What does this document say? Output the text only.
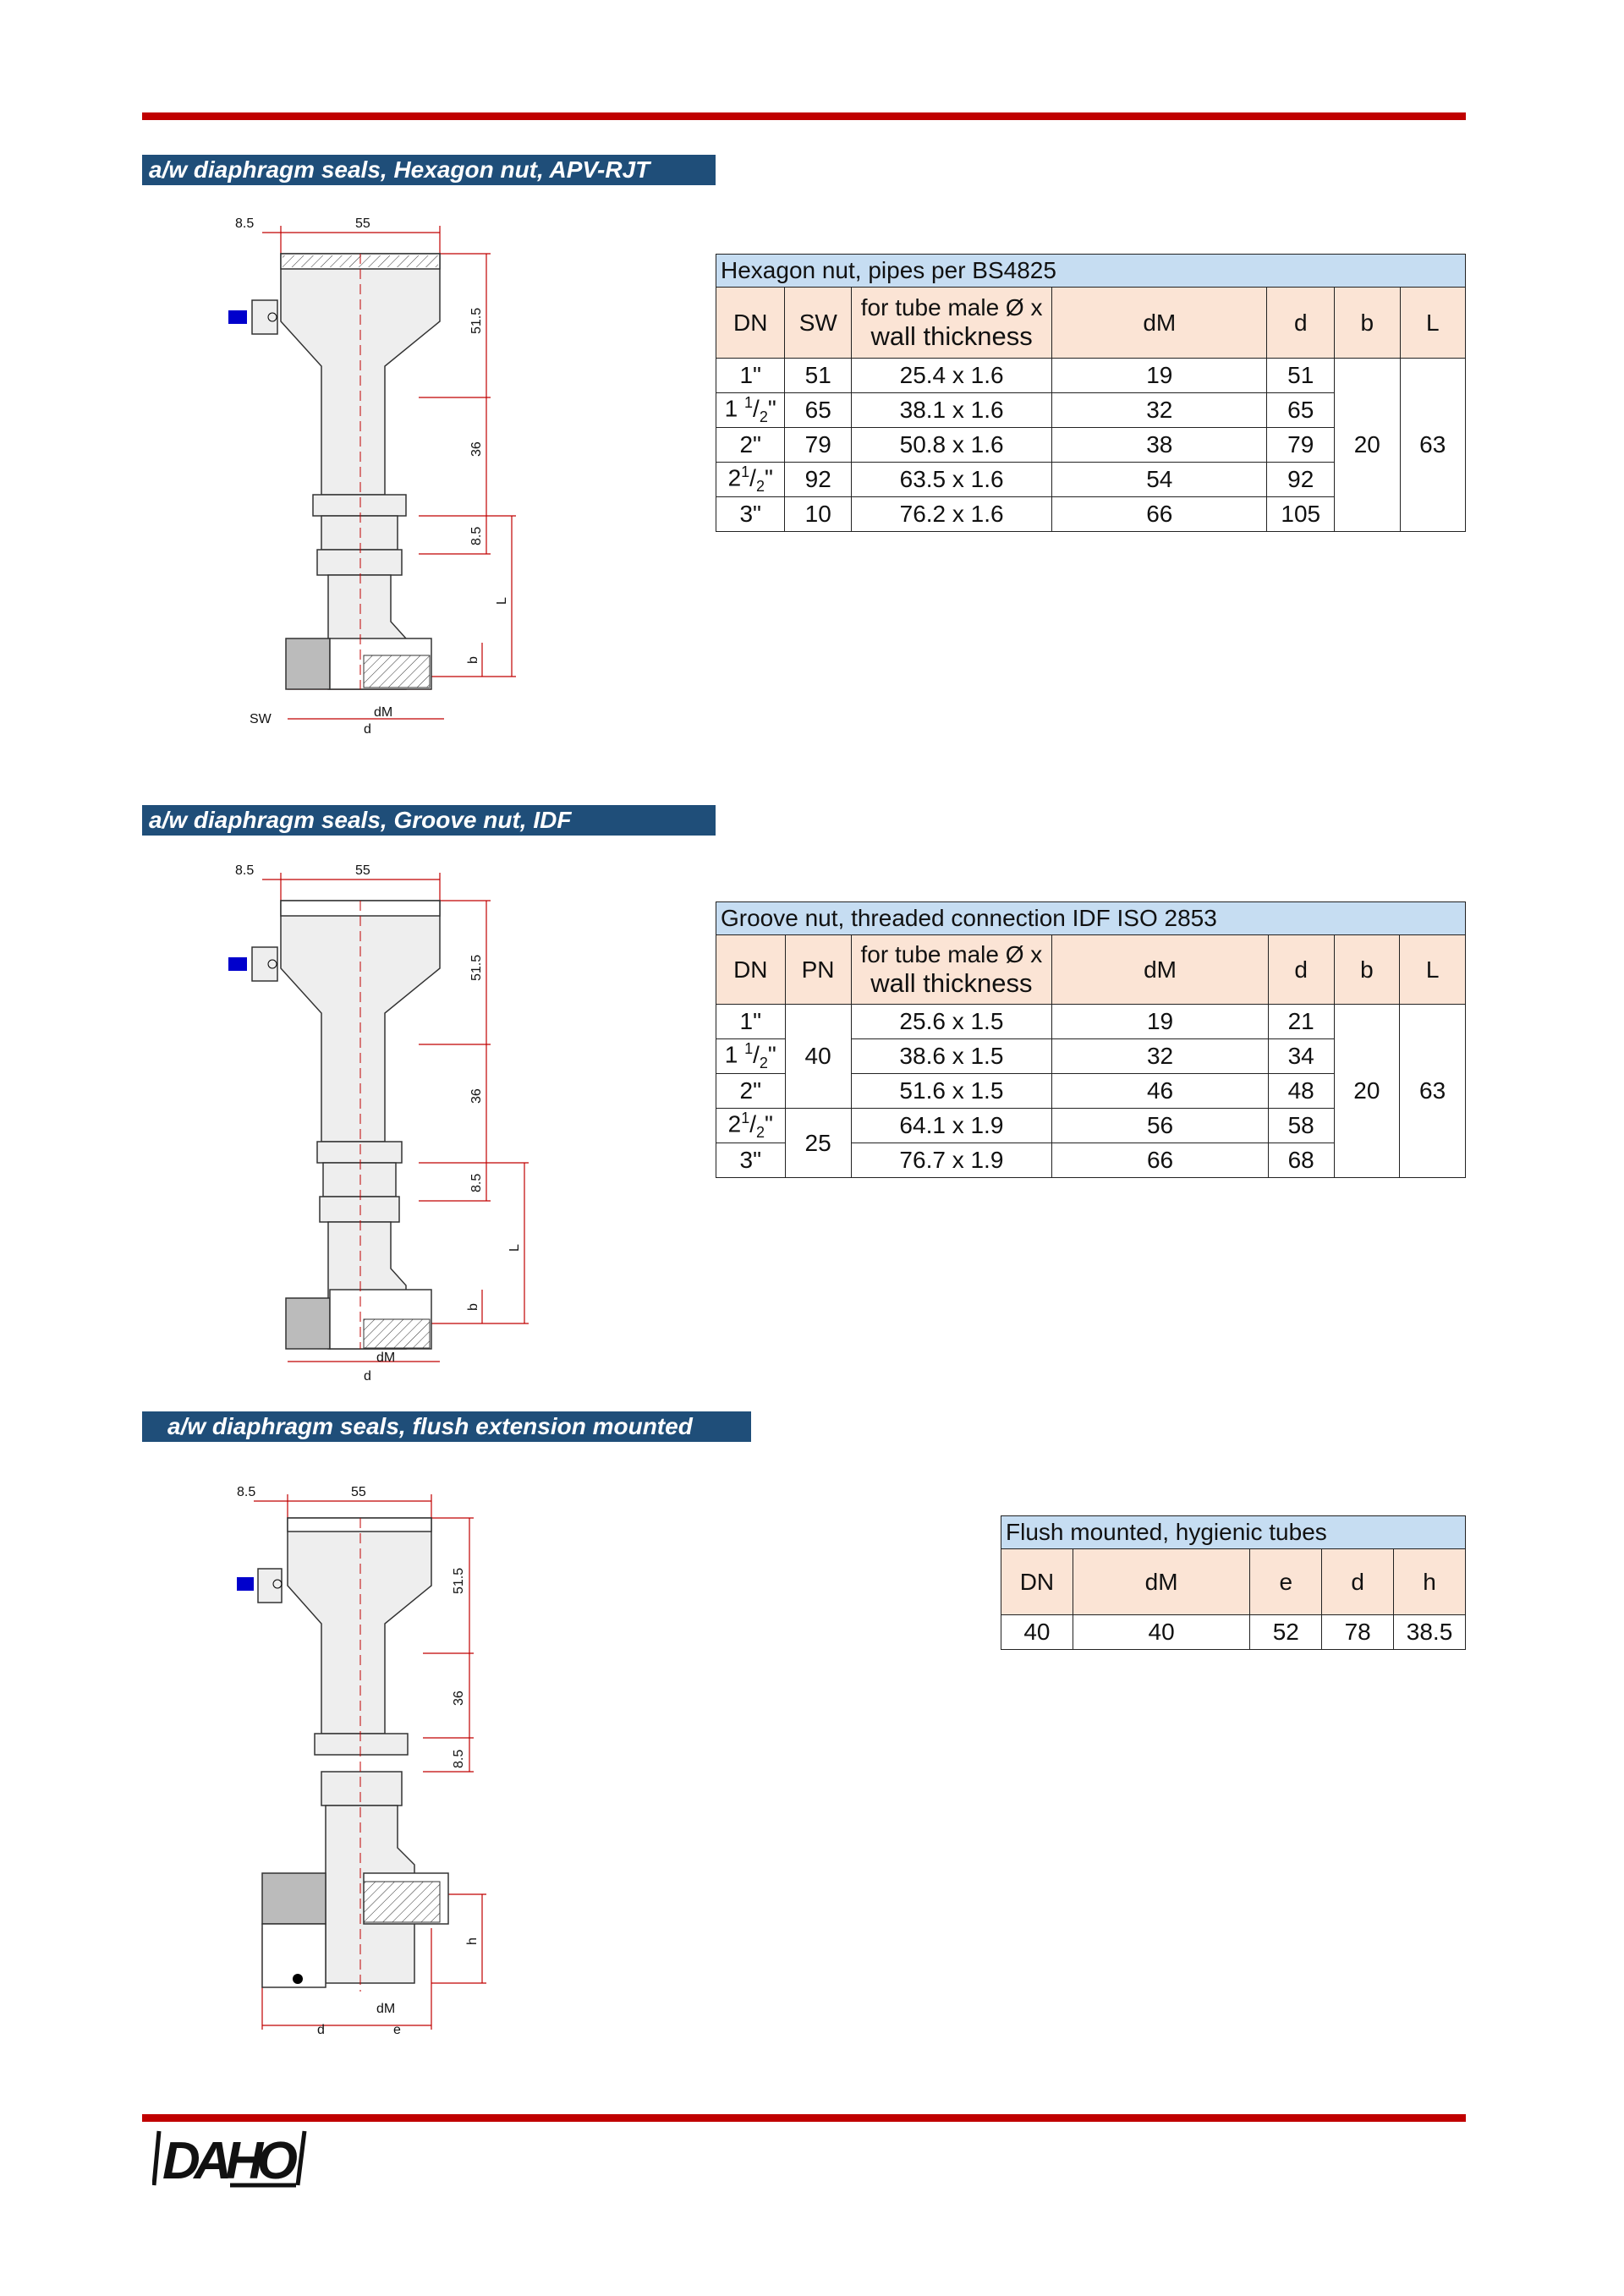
a/w diaphragm seals, Hexagon nut, APV-RJT
8.5	55
51.5
36
8.5
L
b
SW	dM
d
Hexagon nut, pipes per BS4825						
DN	SW	for tube male Ø x
wall thickness	dM	d	b	L
1"	51	25.4 x 1.6	19	51	20	63
1 $^1/_2$"	65	38.1 x 1.6	32	65		
2"	79	50.8 x 1.6	38	79		
$2^1/_2$"	92	63.5 x 1.6	54	92		
3"	10	76.2 x 1.6	66	105		
a/w diaphragm seals, Groove nut, IDF
8.5	55
51.5
36
8.5
L
b
dM
d
Groove nut, threaded connection IDF ISO 2853						
DN	PN	for tube male Ø x
wall thickness	dM	d	b	L
1"	40	25.6 x 1.5	19	21	20	63
1 $^1/_2$"		38.6 x 1.5	32	34		
2"		51.6 x 1.5	46	48		
$2^1/_2$"	25	64.1 x 1.9	56	58		
3"		76.7 x 1.9	66	68		
a/w diaphragm seals, flush extension mounted
8.5	55
51.5
36
8.5
h
dM
d	e
Flush mounted, hygienic tubes				
DN	dM	e	d	h
40	40	52	78	38.5
DAHO
